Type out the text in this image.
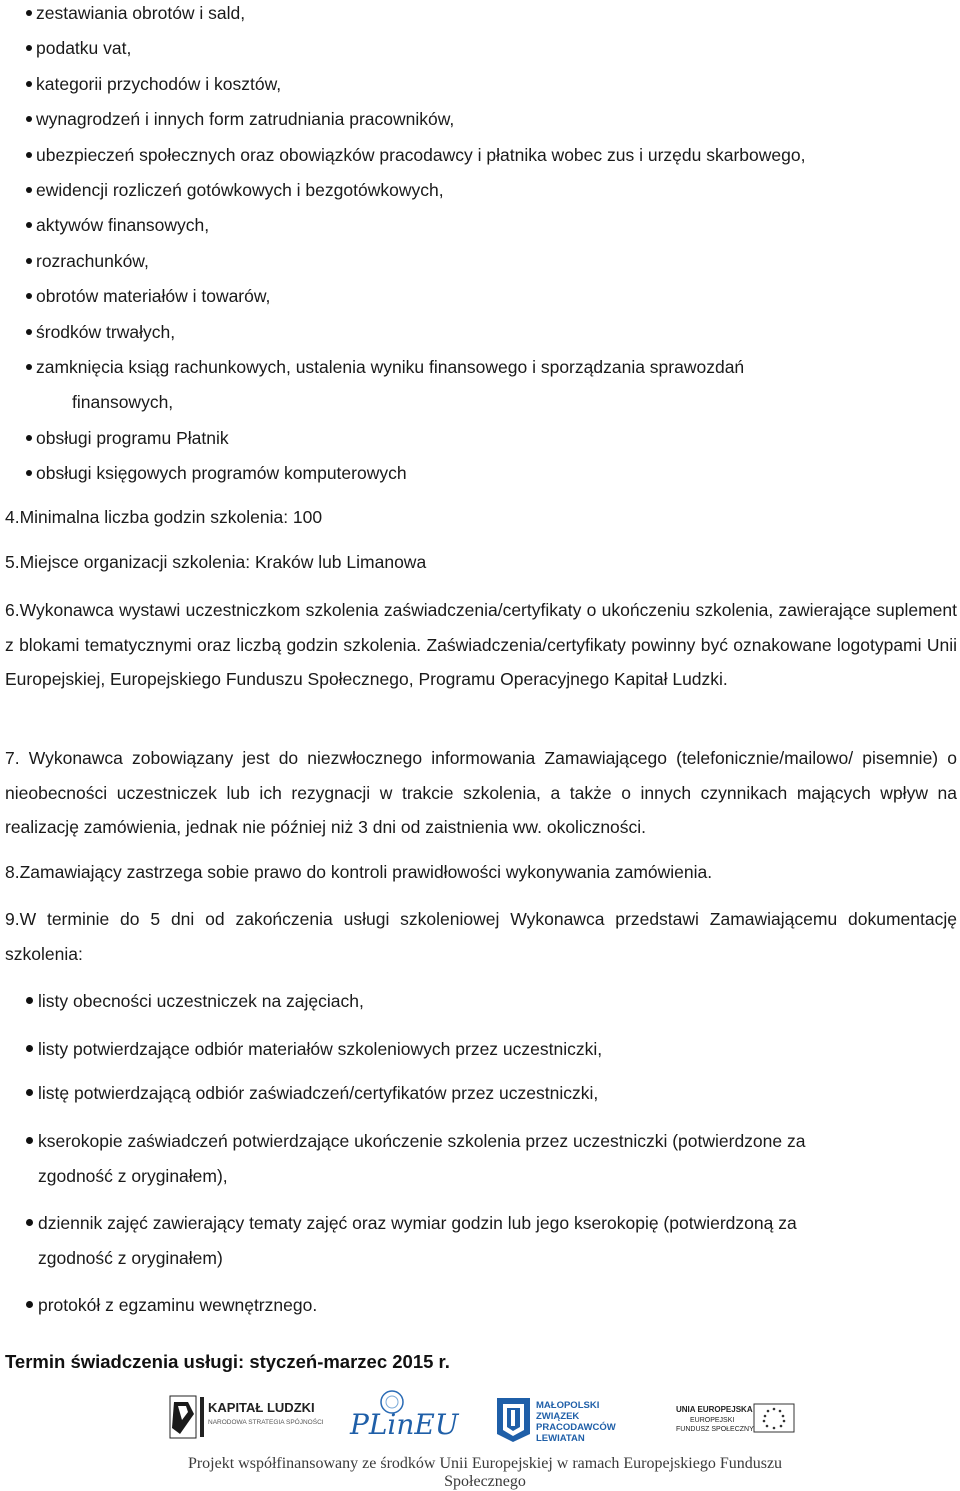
zestawiania obrotów i sald,
podatku vat,
kategorii przychodów i kosztów,
wynagrodzeń i innych form zatrudniania pracowników,
ubezpieczeń społecznych oraz obowiązków pracodawcy i płatnika wobec zus i urzędu skarbowego,
ewidencji rozliczeń gotówkowych i bezgotówkowych,
aktywów finansowych,
rozrachunków,
obrotów materiałów i towarów,
środków trwałych,
zamknięcia ksiąg rachunkowych, ustalenia wyniku finansowego i sporządzania sprawozdań
finansowych,
obsługi programu Płatnik
obsługi księgowych programów komputerowych
4.Minimalna liczba godzin szkolenia: 100
5.Miejsce organizacji szkolenia: Kraków lub Limanowa
6.Wykonawca wystawi uczestniczkom szkolenia zaświadczenia/certyfikaty o ukończeniu szkolenia, zawierające suplement z blokami tematycznymi oraz liczbą godzin szkolenia. Zaświadczenia/certyfikaty powinny być oznakowane logotypami Unii Europejskiej, Europejskiego Funduszu Społecznego, Programu Operacyjnego Kapitał Ludzki.
7. Wykonawca zobowiązany jest do niezwłocznego informowania Zamawiającego (telefonicznie/mailowo/ pisemnie) o nieobecności uczestniczek lub ich rezygnacji w trakcie szkolenia, a także o innych czynnikach mających wpływ na realizację zamówienia, jednak nie później niż 3 dni od zaistnienia ww. okoliczności.
8.Zamawiający zastrzega sobie prawo do kontroli prawidłowości wykonywania zamówienia.
9.W terminie do 5 dni od zakończenia usługi szkoleniowej Wykonawca przedstawi Zamawiającemu dokumentację szkolenia:
listy obecności uczestniczek na zajęciach,
listy potwierdzające odbiór materiałów szkoleniowych przez uczestniczki,
listę potwierdzającą odbiór zaświadczeń/certyfikatów przez uczestniczki,
kserokopie zaświadczeń potwierdzające ukończenie szkolenia przez uczestniczki (potwierdzone za
zgodność z oryginałem),
dziennik zajęć zawierający tematy zajęć oraz wymiar godzin lub jego kserokopię (potwierdzoną za
zgodność z oryginałem)
protokół z egzaminu wewnętrznego.
Termin świadczenia usługi: styczeń-marzec 2015 r.
KAPITAŁ LUDZKI
NARODOWA STRATEGIA SPÓJNOŚCI PLinEU
MAŁOPOLSKI
ZWIĄZEK
PRACODAWCÓW
LEWIATAN
UNIA EUROPEJSKA
EUROPEJSKI
FUNDUSZ SPOŁECZNY
Projekt współfinansowany ze środków Unii Europejskiej w ramach Europejskiego Funduszu Społecznego
